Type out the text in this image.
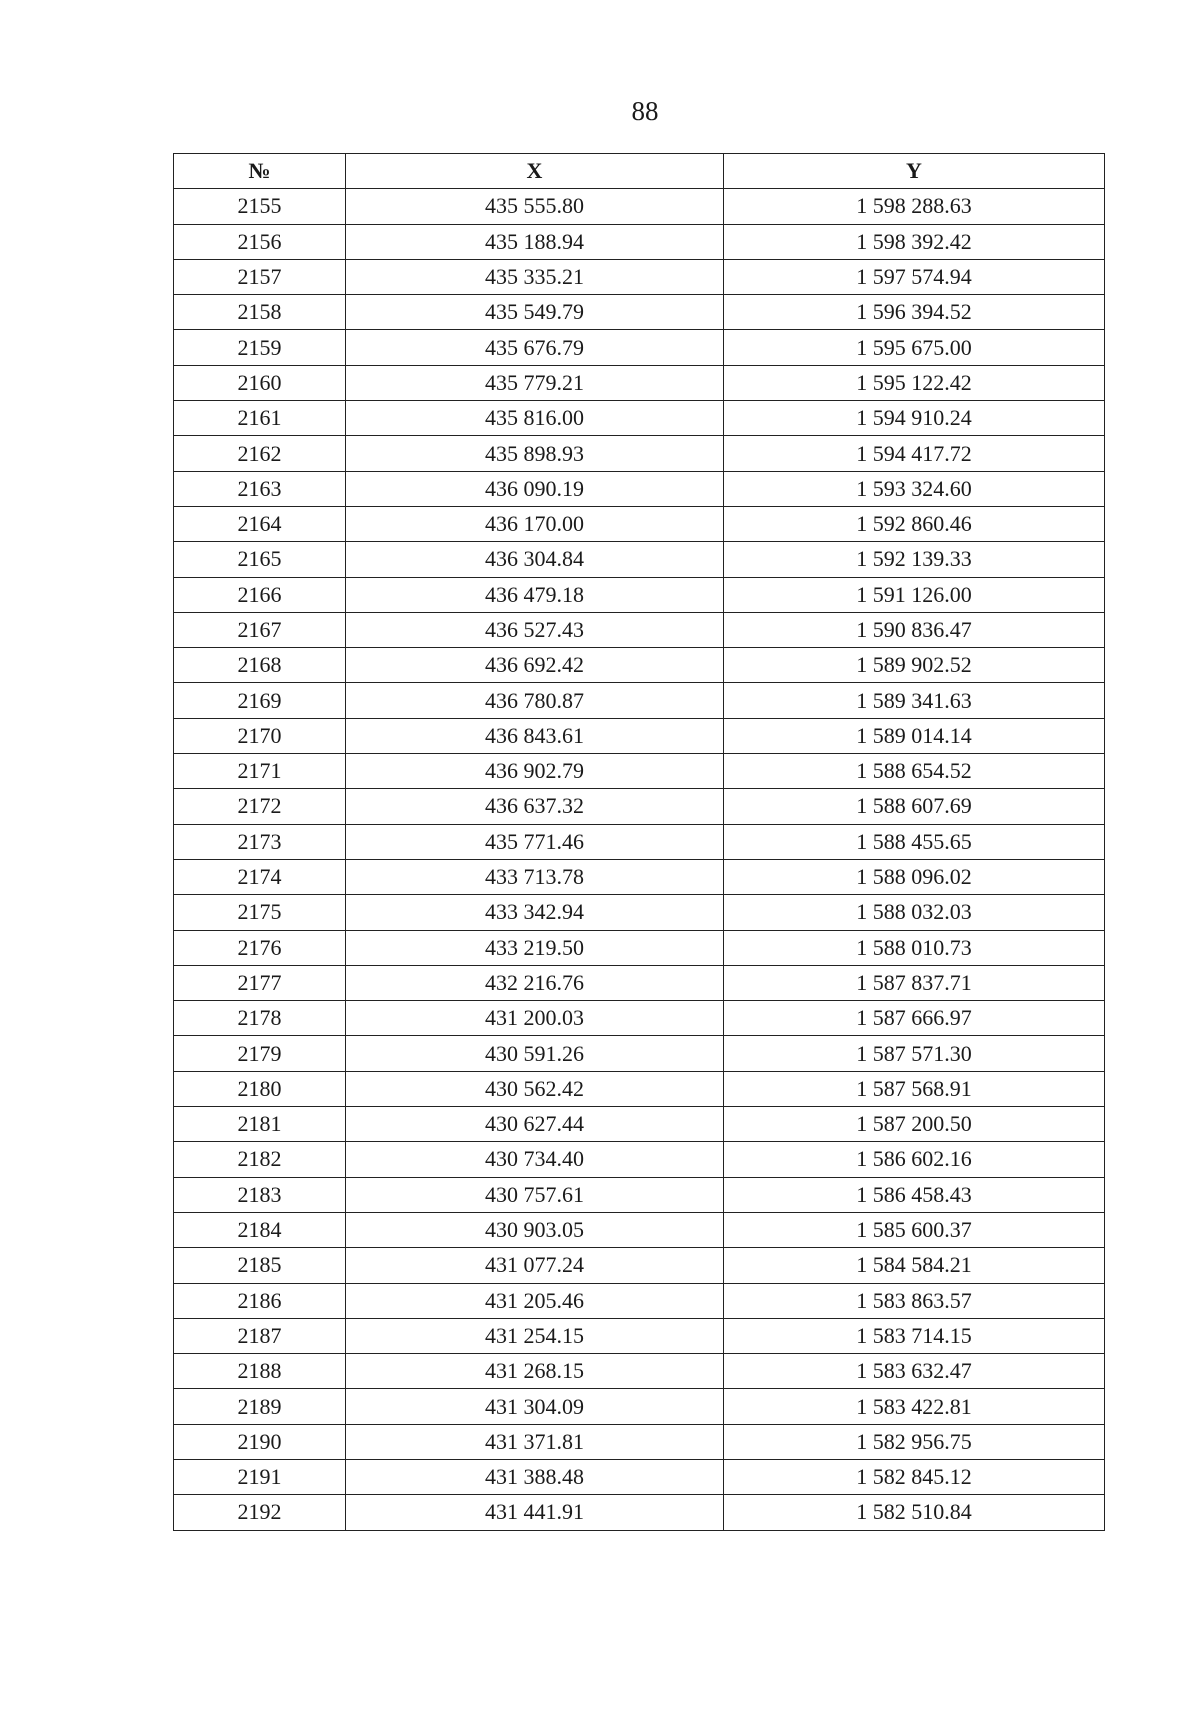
88
№	X	Y
2155	435 555.80	1 598 288.63
2156	435 188.94	1 598 392.42
2157	435 335.21	1 597 574.94
2158	435 549.79	1 596 394.52
2159	435 676.79	1 595 675.00
2160	435 779.21	1 595 122.42
2161	435 816.00	1 594 910.24
2162	435 898.93	1 594 417.72
2163	436 090.19	1 593 324.60
2164	436 170.00	1 592 860.46
2165	436 304.84	1 592 139.33
2166	436 479.18	1 591 126.00
2167	436 527.43	1 590 836.47
2168	436 692.42	1 589 902.52
2169	436 780.87	1 589 341.63
2170	436 843.61	1 589 014.14
2171	436 902.79	1 588 654.52
2172	436 637.32	1 588 607.69
2173	435 771.46	1 588 455.65
2174	433 713.78	1 588 096.02
2175	433 342.94	1 588 032.03
2176	433 219.50	1 588 010.73
2177	432 216.76	1 587 837.71
2178	431 200.03	1 587 666.97
2179	430 591.26	1 587 571.30
2180	430 562.42	1 587 568.91
2181	430 627.44	1 587 200.50
2182	430 734.40	1 586 602.16
2183	430 757.61	1 586 458.43
2184	430 903.05	1 585 600.37
2185	431 077.24	1 584 584.21
2186	431 205.46	1 583 863.57
2187	431 254.15	1 583 714.15
2188	431 268.15	1 583 632.47
2189	431 304.09	1 583 422.81
2190	431 371.81	1 582 956.75
2191	431 388.48	1 582 845.12
2192	431 441.91	1 582 510.84
